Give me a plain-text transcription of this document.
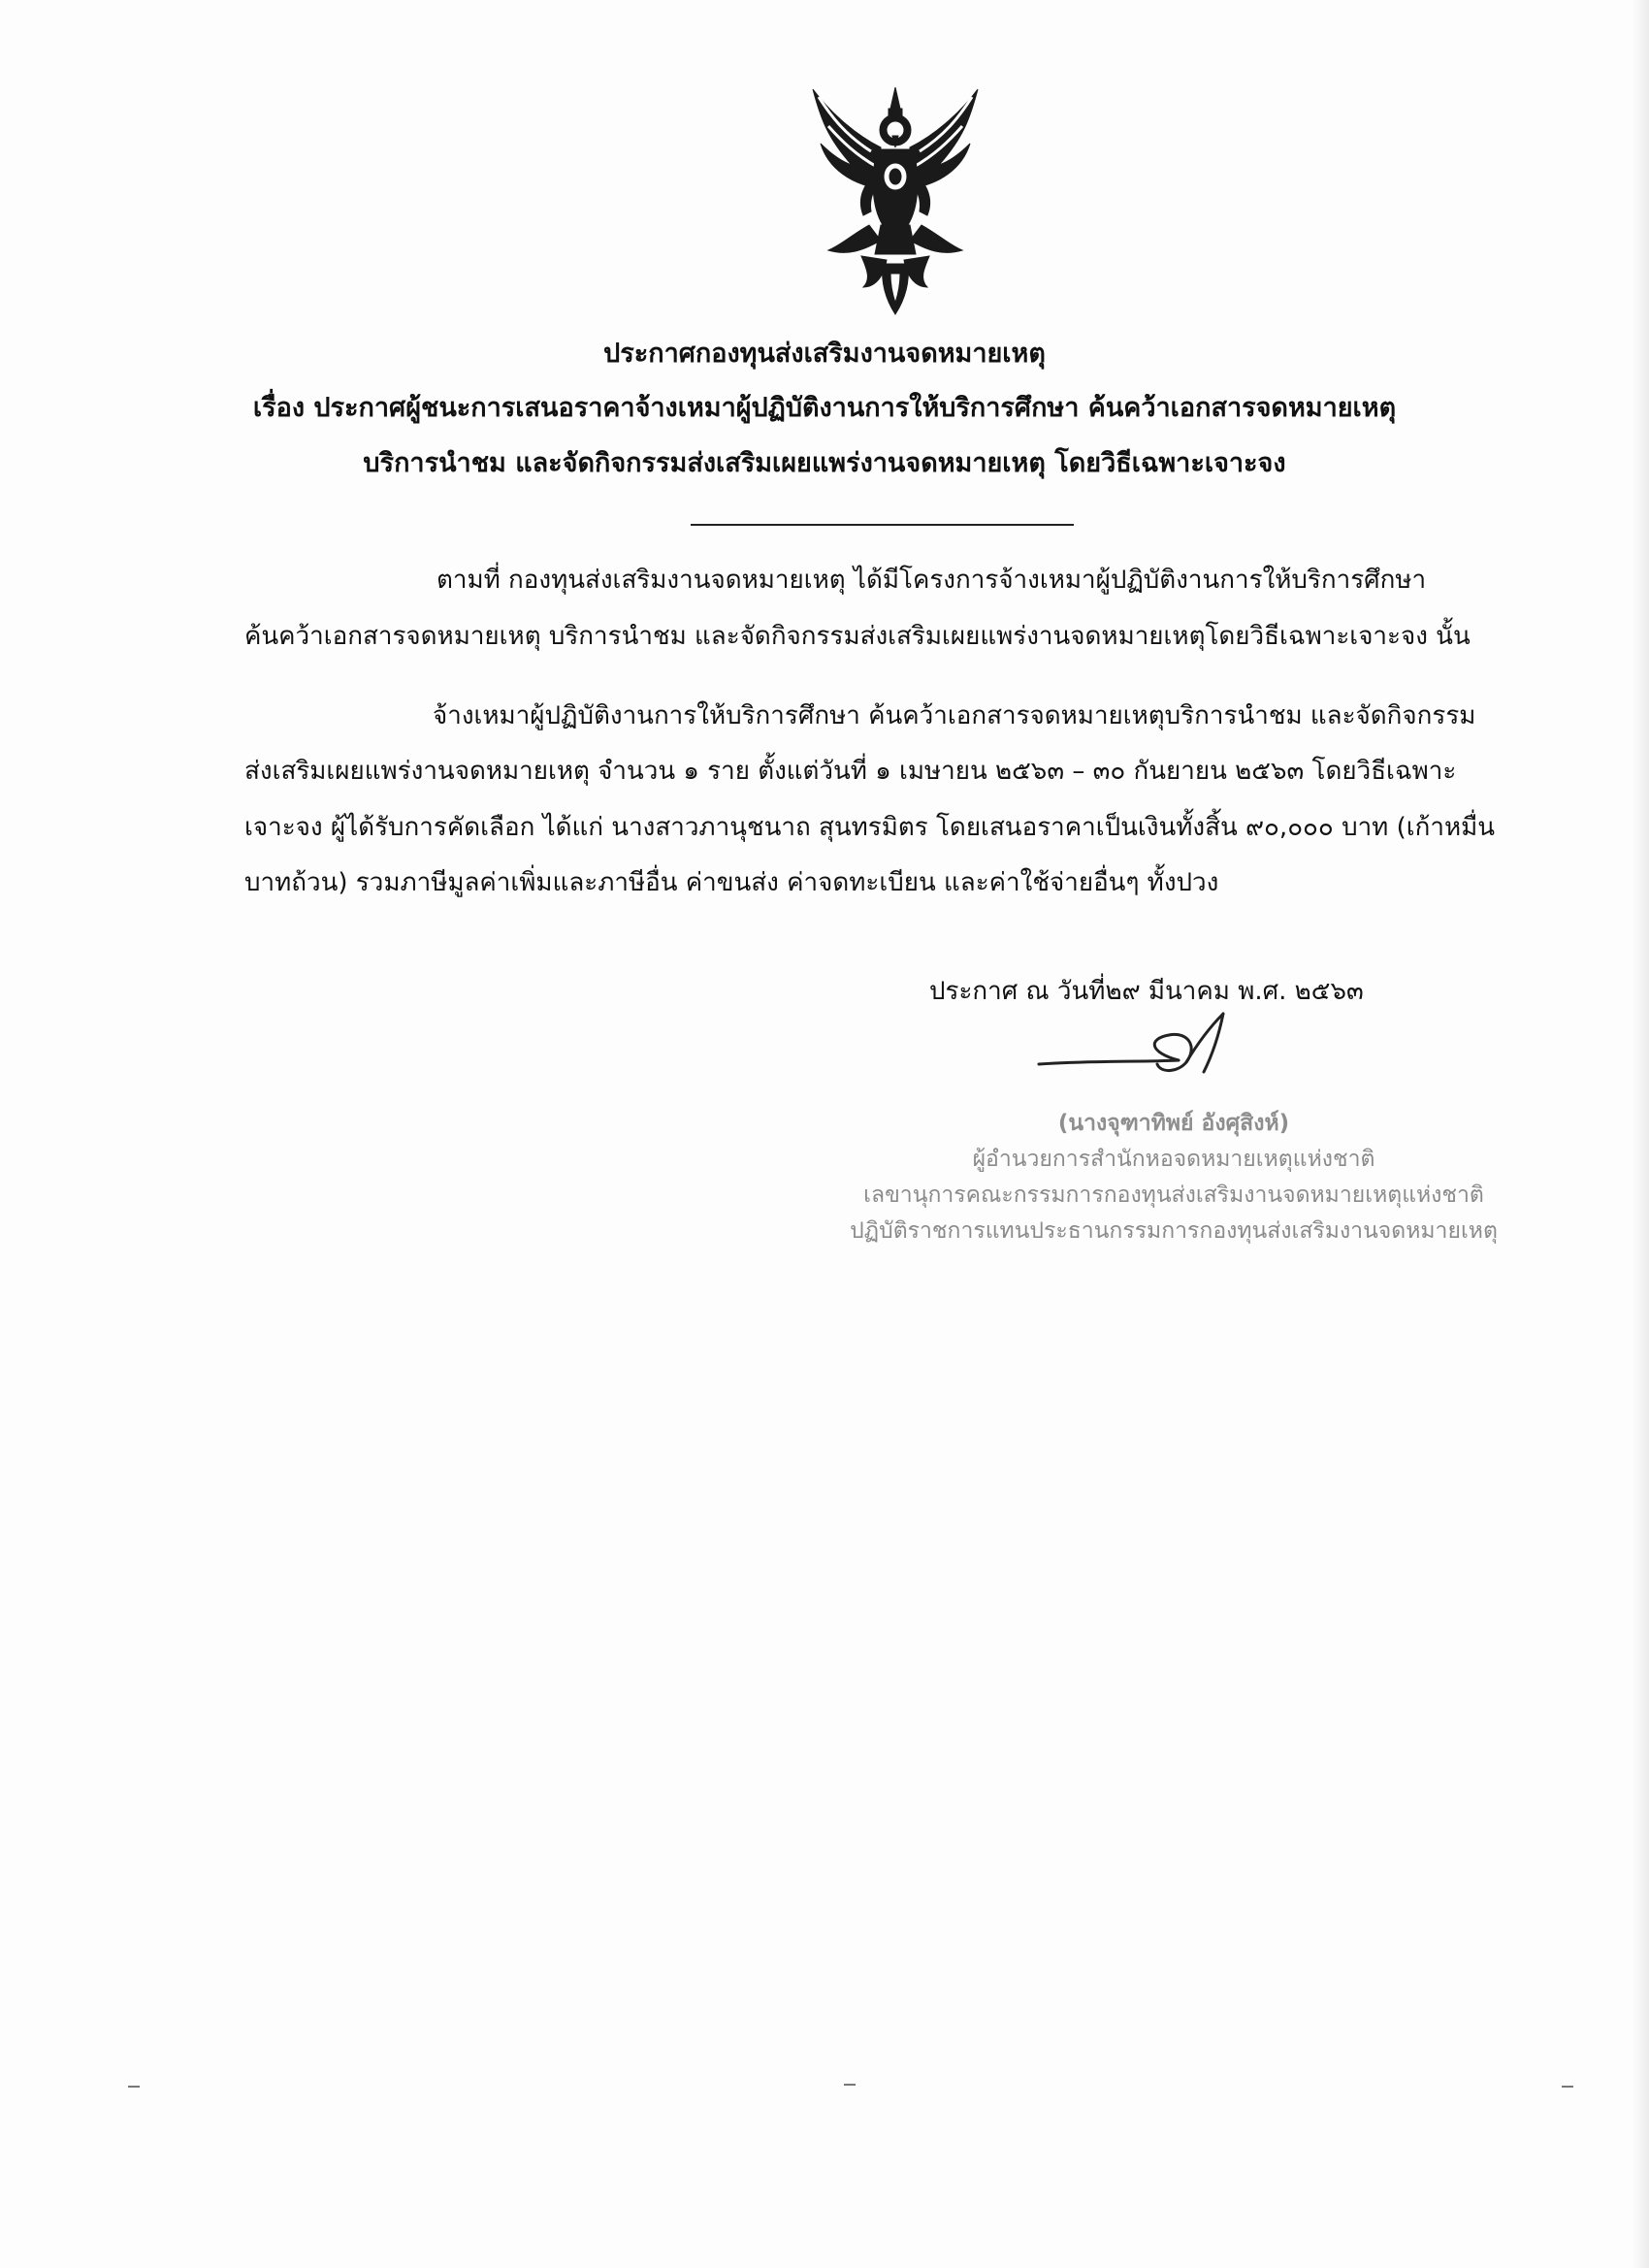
ประกาศกองทุนส่งเสริมงานจดหมายเหตุ
เรื่อง ประกาศผู้ชนะการเสนอราคาจ้างเหมาผู้ปฏิบัติงานการให้บริการศึกษา ค้นคว้าเอกสารจดหมายเหตุ
บริการนำชม และจัดกิจกรรมส่งเสริมเผยแพร่งานจดหมายเหตุ โดยวิธีเฉพาะเจาะจง
ตามที่ กองทุนส่งเสริมงานจดหมายเหตุ ได้มีโครงการจ้างเหมาผู้ปฏิบัติงานการให้บริการศึกษา
ค้นคว้าเอกสารจดหมายเหตุ บริการนำชม และจัดกิจกรรมส่งเสริมเผยแพร่งานจดหมายเหตุโดยวิธีเฉพาะเจาะจง นั้น
จ้างเหมาผู้ปฏิบัติงานการให้บริการศึกษา ค้นคว้าเอกสารจดหมายเหตุบริการนำชม และจัดกิจกรรม
ส่งเสริมเผยแพร่งานจดหมายเหตุ จำนวน ๑ ราย ตั้งแต่วันที่ ๑ เมษายน ๒๕๖๓ – ๓๐ กันยายน ๒๕๖๓ โดยวิธีเฉพาะ
เจาะจง ผู้ได้รับการคัดเลือก ได้แก่ นางสาวภานุชนาถ สุนทรมิตร โดยเสนอราคาเป็นเงินทั้งสิ้น ๙๐,๐๐๐ บาท (เก้าหมื่น
บาทถ้วน) รวมภาษีมูลค่าเพิ่มและภาษีอื่น ค่าขนส่ง ค่าจดทะเบียน และค่าใช้จ่ายอื่นๆ ทั้งปวง
ประกาศ ณ วันที่๒๙ มีนาคม พ.ศ. ๒๕๖๓
(นางจุฑาทิพย์ อังศุสิงห์)
ผู้อำนวยการสำนักหอจดหมายเหตุแห่งชาติ
เลขานุการคณะกรรมการกองทุนส่งเสริมงานจดหมายเหตุแห่งชาติ
ปฏิบัติราชการแทนประธานกรรมการกองทุนส่งเสริมงานจดหมายเหตุ
